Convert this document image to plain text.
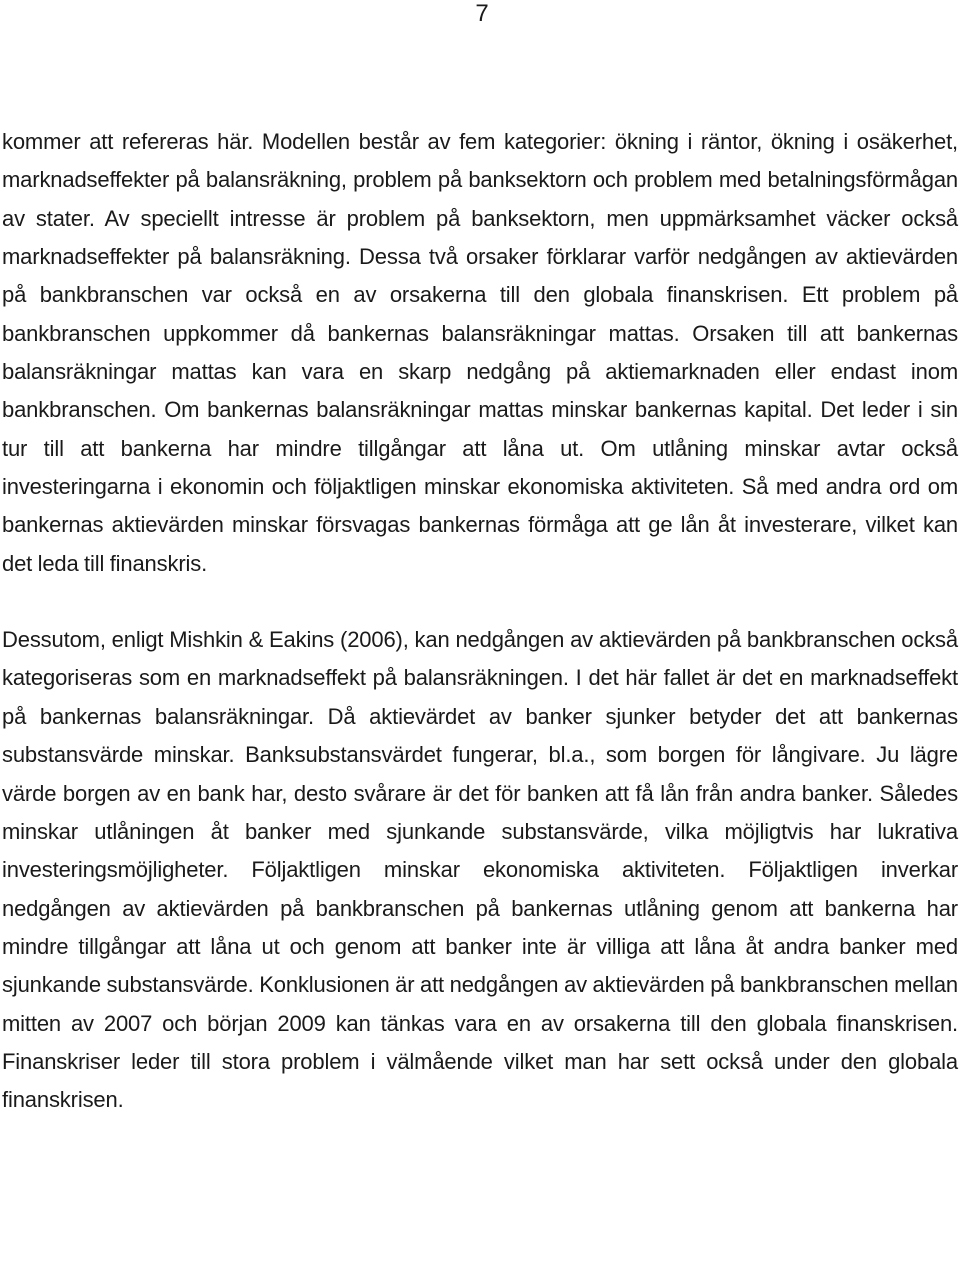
7

kommer att refereras här. Modellen består av fem kategorier: ökning i räntor, ökning i osäkerhet, marknadseffekter på balansräkning, problem på banksektorn och problem med betalningsförmågan av stater. Av speciellt intresse är problem på banksektorn, men uppmärksamhet väcker också marknadseffekter på balansräkning. Dessa två orsaker förklarar varför nedgången av aktievärden på bankbranschen var också en av orsakerna till den globala finanskrisen. Ett problem på bankbranschen uppkommer då bankernas balansräkningar mattas. Orsaken till att bankernas balansräkningar mattas kan vara en skarp nedgång på aktiemarknaden eller endast inom bankbranschen. Om bankernas balansräkningar mattas minskar bankernas kapital. Det leder i sin tur till att bankerna har mindre tillgångar att låna ut. Om utlåning minskar avtar också investeringarna i ekonomin och följaktligen minskar ekonomiska aktiviteten. Så med andra ord om bankernas aktievärden minskar försvagas bankernas förmåga att ge lån åt investerare, vilket kan det leda till finanskris.

Dessutom, enligt Mishkin & Eakins (2006), kan nedgången av aktievärden på bankbranschen också kategoriseras som en marknadseffekt på balansräkningen. I det här fallet är det en marknadseffekt på bankernas balansräkningar. Då aktievärdet av banker sjunker betyder det att bankernas substansvärde minskar. Banksubstansvärdet fungerar, bl.a., som borgen för långivare. Ju lägre värde borgen av en bank har, desto svårare är det för banken att få lån från andra banker. Således minskar utlåningen åt banker med sjunkande substansvärde, vilka möjligtvis har lukrativa investeringsmöjligheter. Följaktligen minskar ekonomiska aktiviteten. Följaktligen inverkar nedgången av aktievärden på bankbranschen på bankernas utlåning genom att bankerna har mindre tillgångar att låna ut och genom att banker inte är villiga att låna åt andra banker med sjunkande substansvärde. Konklusionen är att nedgången av aktievärden på bankbranschen mellan mitten av 2007 och början 2009 kan tänkas vara en av orsakerna till den globala finanskrisen. Finanskriser leder till stora problem i välmående vilket man har sett också under den globala finanskrisen.
